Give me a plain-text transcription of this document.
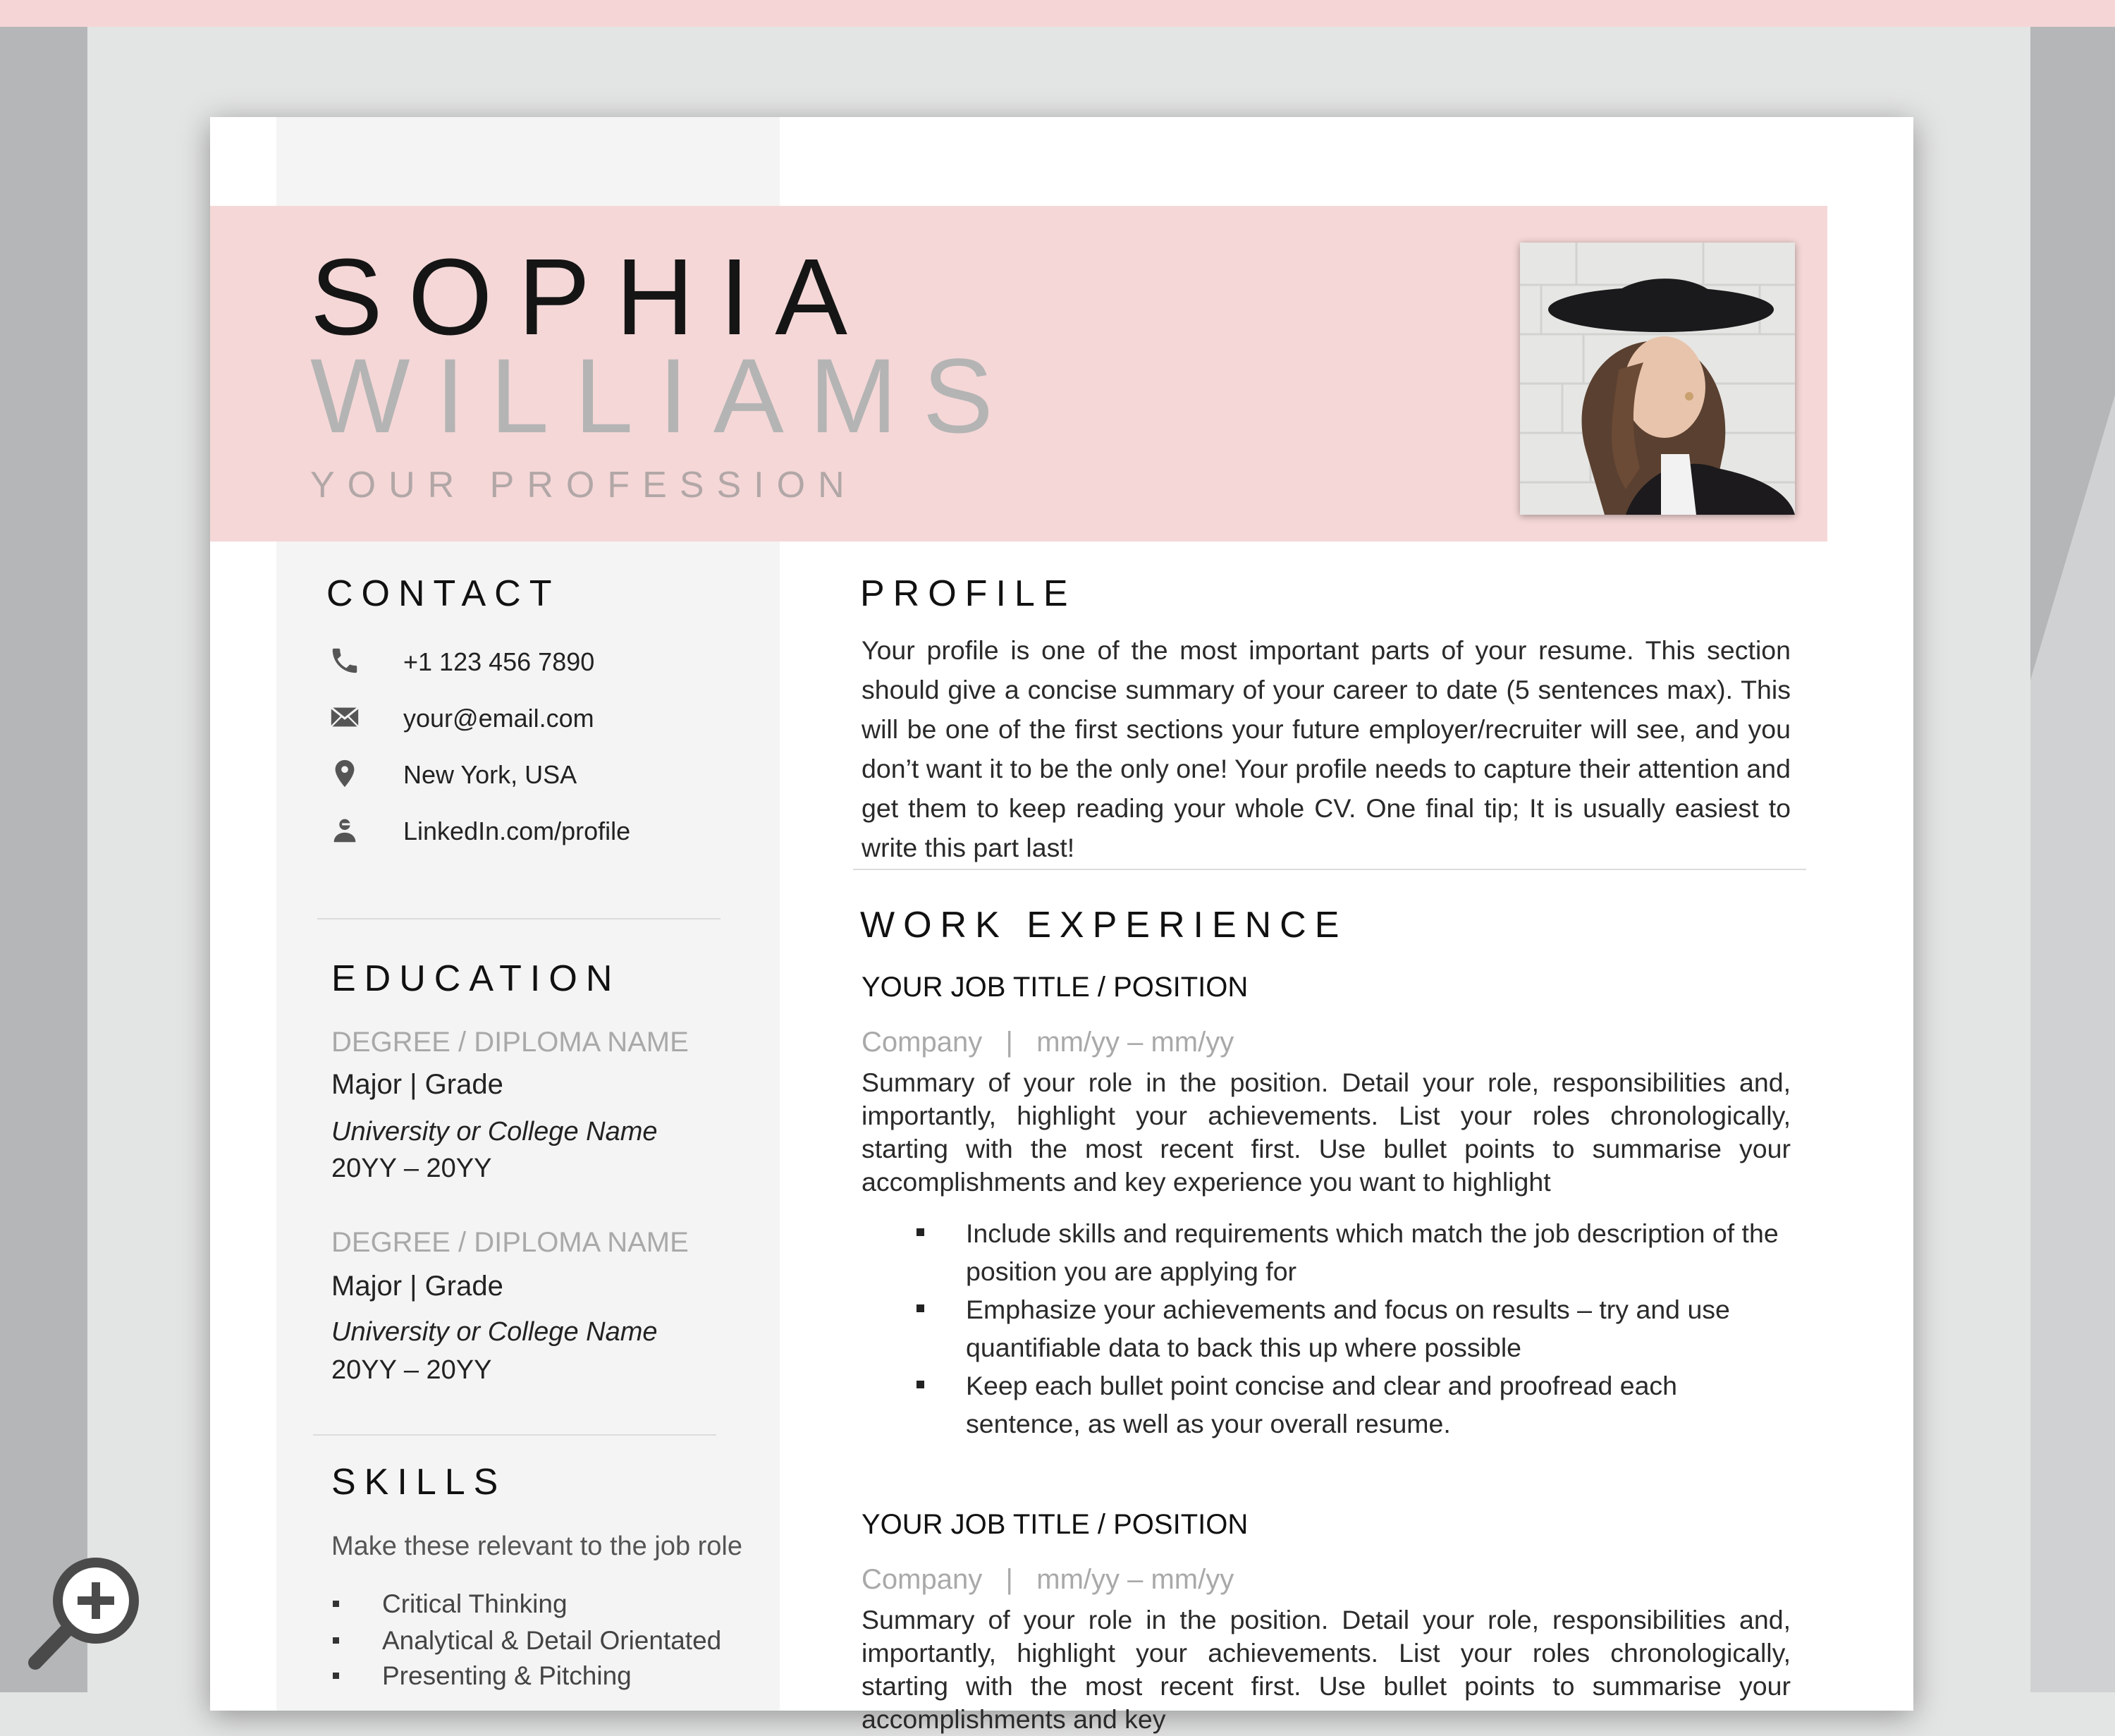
SOPHIA
WILLIAMS
YOUR PROFESSION
CONTACT
+1 123 456 7890
your@email.com
New York, USA
LinkedIn.com/profile
EDUCATION
DEGREE / DIPLOMA NAME
Major | Grade
University or College Name
20YY – 20YY
DEGREE / DIPLOMA NAME
Major | Grade
University or College Name
20YY – 20YY
SKILLS
Make these relevant to the job role
Critical Thinking
Analytical & Detail Orientated
Presenting & Pitching
PROFILE

Your profile is one of the most important parts of your resume. This section should give a concise summary of your career to date (5 sentences max). This will be one of the first sections your future employer/recruiter will see, and you don’t want it to be the only one! Your profile needs to capture their attention and get them to keep reading your whole CV. One final tip; It is usually easiest to write this part last!

WORK EXPERIENCE
YOUR JOB TITLE / POSITION
Company   |   mm/yy – mm/yy

Summary of your role in the position. Detail your role, responsibilities and, importantly, highlight your achievements. List your roles chronologically, starting with the most recent first. Use bullet points to summarise your accomplishments and key experience you want to highlight

Include skills and requirements which match the job description of the position you are applying for

Emphasize your achievements and focus on results – try and use quantifiable data to back this up where possible

Keep each bullet point concise and clear and proofread each sentence, as well as your overall resume.

YOUR JOB TITLE / POSITION
Company   |   mm/yy – mm/yy

Summary of your role in the position. Detail your role, responsibilities and, importantly, highlight your achievements. List your roles chronologically, starting with the most recent first. Use bullet points to summarise your accomplishments and key
